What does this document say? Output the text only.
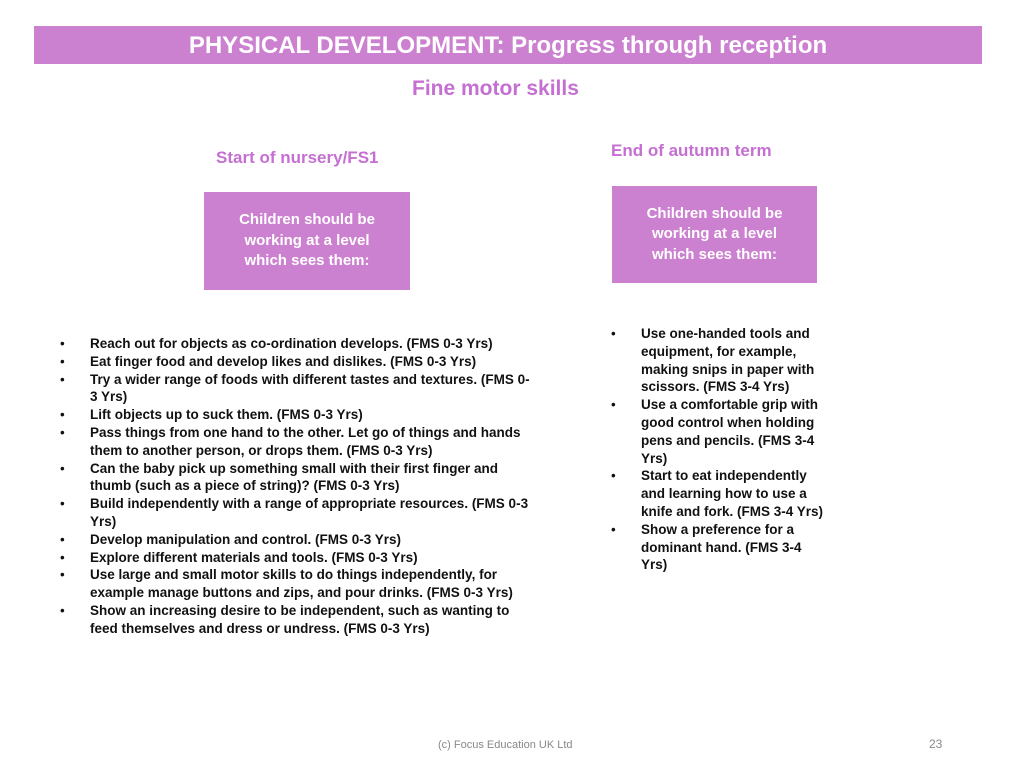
PHYSICAL DEVELOPMENT: Progress through reception
Fine motor skills
Start of nursery/FS1	End of autumn term
Children should be working at a level which sees them:
Children should be working at a level which sees them:
• Reach out for objects as co-ordination develops. (FMS 0-3 Yrs)
• Eat finger food and develop likes and dislikes. (FMS 0-3 Yrs)
• Try a wider range of foods with different tastes and textures. (FMS 0-3 Yrs)
• Lift objects up to suck them. (FMS 0-3 Yrs)
• Pass things from one hand to the other. Let go of things and hands them to another person, or drops them. (FMS 0-3 Yrs)
• Can the baby pick up something small with their first finger and thumb (such as a piece of string)? (FMS 0-3 Yrs)
• Build independently with a range of appropriate resources. (FMS 0-3 Yrs)
• Develop manipulation and control. (FMS 0-3 Yrs)
• Explore different materials and tools. (FMS 0-3 Yrs)
• Use large and small motor skills to do things independently, for example manage buttons and zips, and pour drinks. (FMS 0-3 Yrs)
• Show an increasing desire to be independent, such as wanting to feed themselves and dress or undress. (FMS 0-3 Yrs)
• Use one-handed tools and equipment, for example, making snips in paper with scissors. (FMS 3-4 Yrs)
• Use a comfortable grip with good control when holding pens and pencils. (FMS 3-4 Yrs)
• Start to eat independently and learning how to use a knife and fork. (FMS 3-4 Yrs)
• Show a preference for a dominant hand. (FMS 3-4 Yrs)
(c) Focus Education UK Ltd	23
